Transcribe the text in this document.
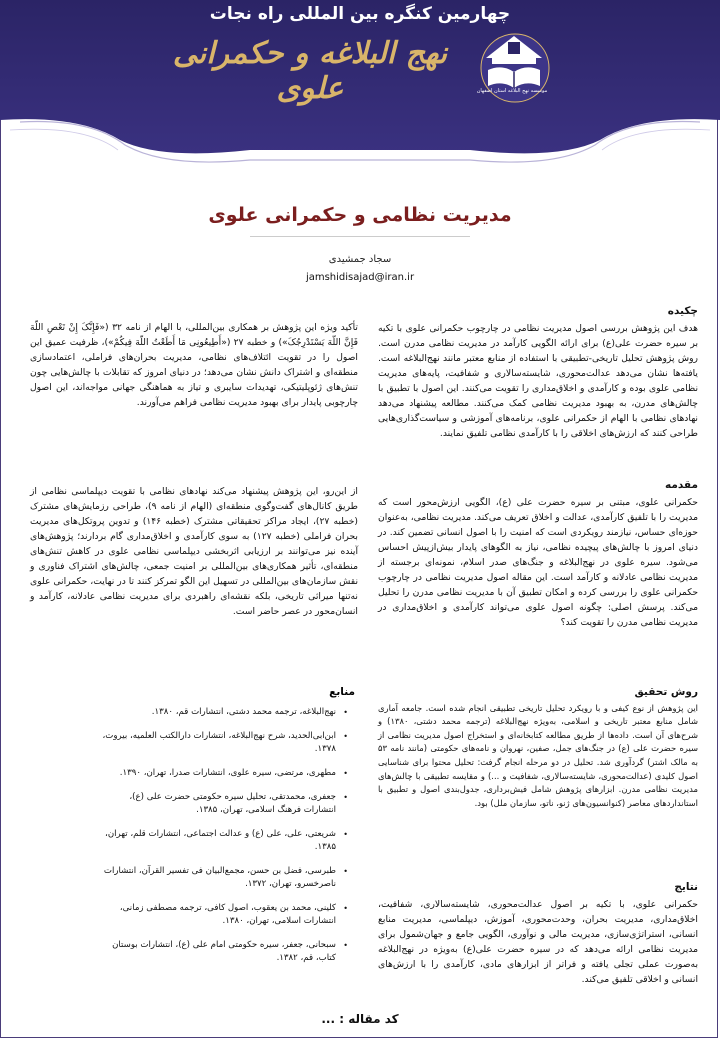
چهارمین کنگره بین المللی راه نجات
نهج البلاغه و حکمرانی علوی	موسسه نهج البلاغه استان اصفهان
مدیریت نظامی و حکمرانی علوی
سجاد جمشیدی
jamshidisajad@iran.ir
چکیده
هدف این پژوهش بررسی اصول مدیریت نظامی در چارچوب حکمرانی علوی با تکیه بر سیره حضرت علی(ع) برای ارائه الگویی کارآمد در مدیریت نظامی مدرن است. روش پژوهش تحلیل تاریخی-تطبیقی با استفاده از منابع معتبر مانند نهج‌البلاغه است. یافته‌ها نشان می‌دهد عدالت‌محوری، شایسته‌سالاری و شفافیت، پایه‌های مدیریت نظامی علوی بوده و کارآمدی و اخلاق‌مداری را تقویت می‌کنند. این اصول با تطبیق با چالش‌های مدرن، به بهبود مدیریت نظامی کمک می‌کنند. مطالعه پیشنهاد می‌دهد نهادهای نظامی با الهام از حکمرانی علوی، برنامه‌های آموزشی و سیاست‌گذاری‌هایی طراحی کنند که ارزش‌های اخلاقی را با کارآمدی نظامی تلفیق نمایند.
مقدمه
حکمرانی علوی، مبتنی بر سیره حضرت علی (ع)، الگویی ارزش‌محور است که مدیریت را با تلفیق کارآمدی، عدالت و اخلاق تعریف می‌کند. مدیریت نظامی، به‌عنوان حوزه‌ای حساس، نیازمند رویکردی است که امنیت را با اصول انسانی تضمین کند. در دنیای امروز با چالش‌های پیچیده نظامی، نیاز به الگوهای پایدار بیش‌ازپیش احساس می‌شود. سیره علوی در نهج‌البلاغه و جنگ‌های صدر اسلام، نمونه‌ای برجسته از مدیریت نظامی عادلانه و کارآمد است. این مقاله اصول مدیریت نظامی در چارچوب حکمرانی علوی را بررسی کرده و امکان تطبیق آن با مدیریت نظامی مدرن را تحلیل می‌کند. پرسش اصلی: چگونه اصول علوی می‌تواند کارآمدی و اخلاق‌مداری در مدیریت نظامی مدرن را تقویت کند؟
روش تحقیق
این پژوهش از نوع کیفی و با رویکرد تحلیل تاریخی تطبیقی انجام شده است. جامعه آماری شامل منابع معتبر تاریخی و اسلامی، به‌ویژه نهج‌البلاغه (ترجمه محمد دشتی، ۱۳۸۰) و شرح‌های آن است. داده‌ها از طریق مطالعه کتابخانه‌ای و استخراج اصول مدیریت نظامی از سیره حضرت علی (ع) در جنگ‌های جمل، صفین، نهروان و نامه‌های حکومتی (مانند نامه ۵۳ به مالک اشتر) گردآوری شد. تحلیل در دو مرحله انجام گرفت: تحلیل محتوا برای شناسایی اصول کلیدی (عدالت‌محوری، شایسته‌سالاری، شفافیت و ...) و مقایسه تطبیقی با چالش‌های مدیریت نظامی مدرن. ابزارهای پژوهش شامل فیش‌برداری، جدول‌بندی اصول و تطبیق با استانداردهای معاصر (کنوانسیون‌های ژنو، ناتو، سازمان ملل) بود.
نتایج
حکمرانی علوی، با تکیه بر اصول عدالت‌محوری، شایسته‌سالاری، شفافیت، اخلاق‌مداری، مدیریت بحران، وحدت‌محوری، آموزش، دیپلماسی، مدیریت منابع انسانی، استراتژی‌سازی، مدیریت مالی و نوآوری، الگویی جامع و جهان‌شمول برای مدیریت نظامی ارائه می‌دهد که در سیره حضرت علی(ع) به‌ویژه در نهج‌البلاغه به‌صورت عملی تجلی یافته و فراتر از ابزارهای مادی، کارآمدی را با ارزش‌های انسانی و اخلاقی تلفیق می‌کند.
تأکید ویژه این پژوهش بر همکاری بین‌المللی، با الهام از نامه ۳۲ («فَإِنَّکَ إِنْ تَعْصِ اللّهَ فَإِنَّ اللّهَ یَسْتَدْرِجُکَ») و خطبه ۲۷ («أَطِیعُونِی مَا أَطَعْتُ اللّهَ فِیکُمْ»)، ظرفیت عمیق این اصول را در تقویت ائتلاف‌های نظامی، مدیریت بحران‌های فراملی، اعتمادسازی منطقه‌ای و اشتراک دانش نشان می‌دهد؛ در دنیای امروز که تقابلات با چالش‌هایی چون تنش‌های ژئوپلیتیکی، تهدیدات سایبری و تیاز به هماهنگی جهانی مواجه‌اند، این اصول چارچوبی پایدار برای بهبود مدیریت نظامی فراهم می‌آورند.
از این‌رو، این پژوهش پیشنهاد می‌کند نهادهای نظامی با تقویت دیپلماسی نظامی از طریق کانال‌های گفت‌وگوی منطقه‌ای (الهام از نامه ۹)، طراحی رزمایش‌های مشترک (خطبه ۲۷)، ایجاد مراکز تحقیقاتی مشترک (خطبه ۱۴۶) و تدوین پروتکل‌های مدیریت بحران فراملی (خطبه ۱۲۷) به سوی کارآمدی و اخلاق‌مداری گام بردارند؛ پژوهش‌های آینده نیز می‌توانند بر ارزیابی اثربخشی دیپلماسی نظامی علوی در کاهش تنش‌های منطقه‌ای، تأثیر همکاری‌های بین‌المللی بر امنیت جمعی، چالش‌های اشتراک فناوری و نقش سازمان‌های بین‌المللی در تسهیل این الگو تمرکز کنند تا در نهایت، حکمرانی علوی نه‌تنها میراثی تاریخی، بلکه نقشه‌ای راهبردی برای مدیریت نظامی عادلانه، کارآمد و انسان‌محور در عصر حاضر است.
منابع
• نهج‌البلاغه، ترجمه محمد دشتی، انتشارات قم، ۱۳۸۰.
• ابن‌ابی‌الحدید، شرح نهج‌البلاغه، انتشارات دارالکتب العلمیه، بیروت، ۱۳۷۸.
• مطهری، مرتضی، سیره علوی، انتشارات صدرا، تهران، ۱۳۹۰.
• جعفری، محمدتقی، تحلیل سیره حکومتی حضرت علی (ع)، انتشارات فرهنگ اسلامی، تهران، ۱۳۸۵.
• شریعتی، علی، علی (ع) و عدالت اجتماعی، انتشارات قلم، تهران، ۱۳۸۵.
• طبرسی، فضل بن حسن، مجمع‌البیان فی تفسیر القرآن، انتشارات ناصرخسرو، تهران، ۱۳۷۲.
• کلینی، محمد بن یعقوب، اصول کافی، ترجمه مصطفی زمانی، انتشارات اسلامی، تهران، ۱۳۸۰.
• سبحانی، جعفر، سیره حکومتی امام علی (ع)، انتشارات بوستان کتاب، قم، ۱۳۸۲.
کد مقاله : ...
